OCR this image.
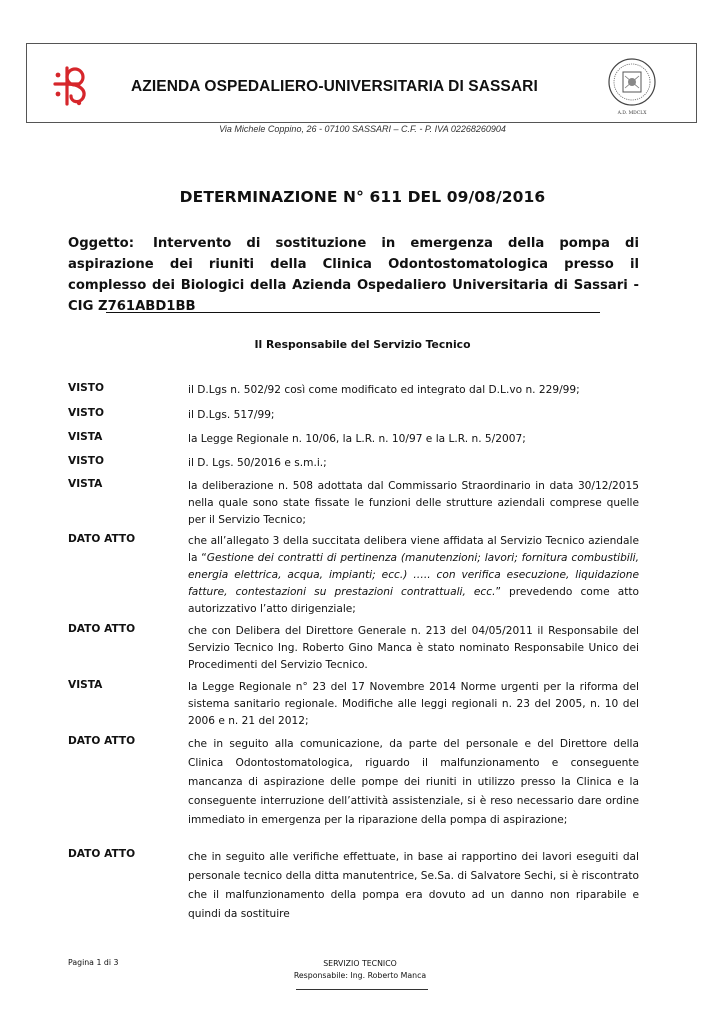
AZIENDA OSPEDALIERO-UNIVERSITARIA DI SASSARI
A.D. MDCLX
Via Michele Coppino, 26 - 07100 SASSARI – C.F. - P. IVA 02268260904
DETERMINAZIONE N° 611 DEL 09/08/2016
Oggetto: Intervento di sostituzione in emergenza della pompa di aspirazione dei riuniti della Clinica Odontostomatologica presso il complesso dei Biologici della Azienda Ospedaliero Universitaria di Sassari - CIG Z761ABD1BB
Il Responsabile del Servizio Tecnico
VISTO	il D.Lgs n. 502/92 così come modificato ed integrato dal D.L.vo n. 229/99;
VISTO	il D.Lgs. 517/99;
VISTA	la Legge Regionale n. 10/06, la L.R. n. 10/97 e la L.R. n. 5/2007;
VISTO	il D. Lgs. 50/2016 e s.m.i.;
VISTA	la deliberazione n. 508 adottata dal Commissario Straordinario in data 30/12/2015 nella quale sono state fissate le funzioni delle strutture aziendali comprese quelle per il Servizio Tecnico;
DATO ATTO	che all’allegato 3 della succitata delibera viene affidata al Servizio Tecnico aziendale la “Gestione dei contratti di pertinenza (manutenzioni; lavori; fornitura combustibili, energia elettrica, acqua, impianti; ecc.) ….. con verifica esecuzione, liquidazione fatture, contestazioni su prestazioni contrattuali, ecc.” prevedendo come atto autorizzativo l’atto dirigenziale;
DATO ATTO	che con Delibera del Direttore Generale n. 213 del 04/05/2011 il Responsabile del Servizio Tecnico Ing. Roberto Gino Manca è stato nominato Responsabile Unico dei Procedimenti del Servizio Tecnico.
VISTA	la Legge Regionale n° 23 del 17 Novembre 2014 Norme urgenti per la riforma del sistema sanitario regionale. Modifiche alle leggi regionali n. 23 del 2005, n. 10 del 2006 e n. 21 del 2012;
DATO ATTO	che in seguito alla comunicazione, da parte del personale e del Direttore della Clinica Odontostomatologica, riguardo il malfunzionamento e conseguente mancanza di aspirazione delle pompe dei riuniti in utilizzo presso la Clinica e la conseguente interruzione dell’attività assistenziale, si è reso necessario dare ordine immediato in emergenza per la riparazione della pompa di aspirazione;
DATO ATTO	che in seguito alle verifiche effettuate, in base ai rapportino dei lavori eseguiti dal personale tecnico della ditta manutentrice, Se.Sa. di Salvatore Sechi, si è riscontrato che il malfunzionamento della pompa era dovuto ad un danno non riparabile e quindi da sostituire
Pagina 1 di 3	SERVIZIO TECNICO
Responsabile: Ing. Roberto Manca
